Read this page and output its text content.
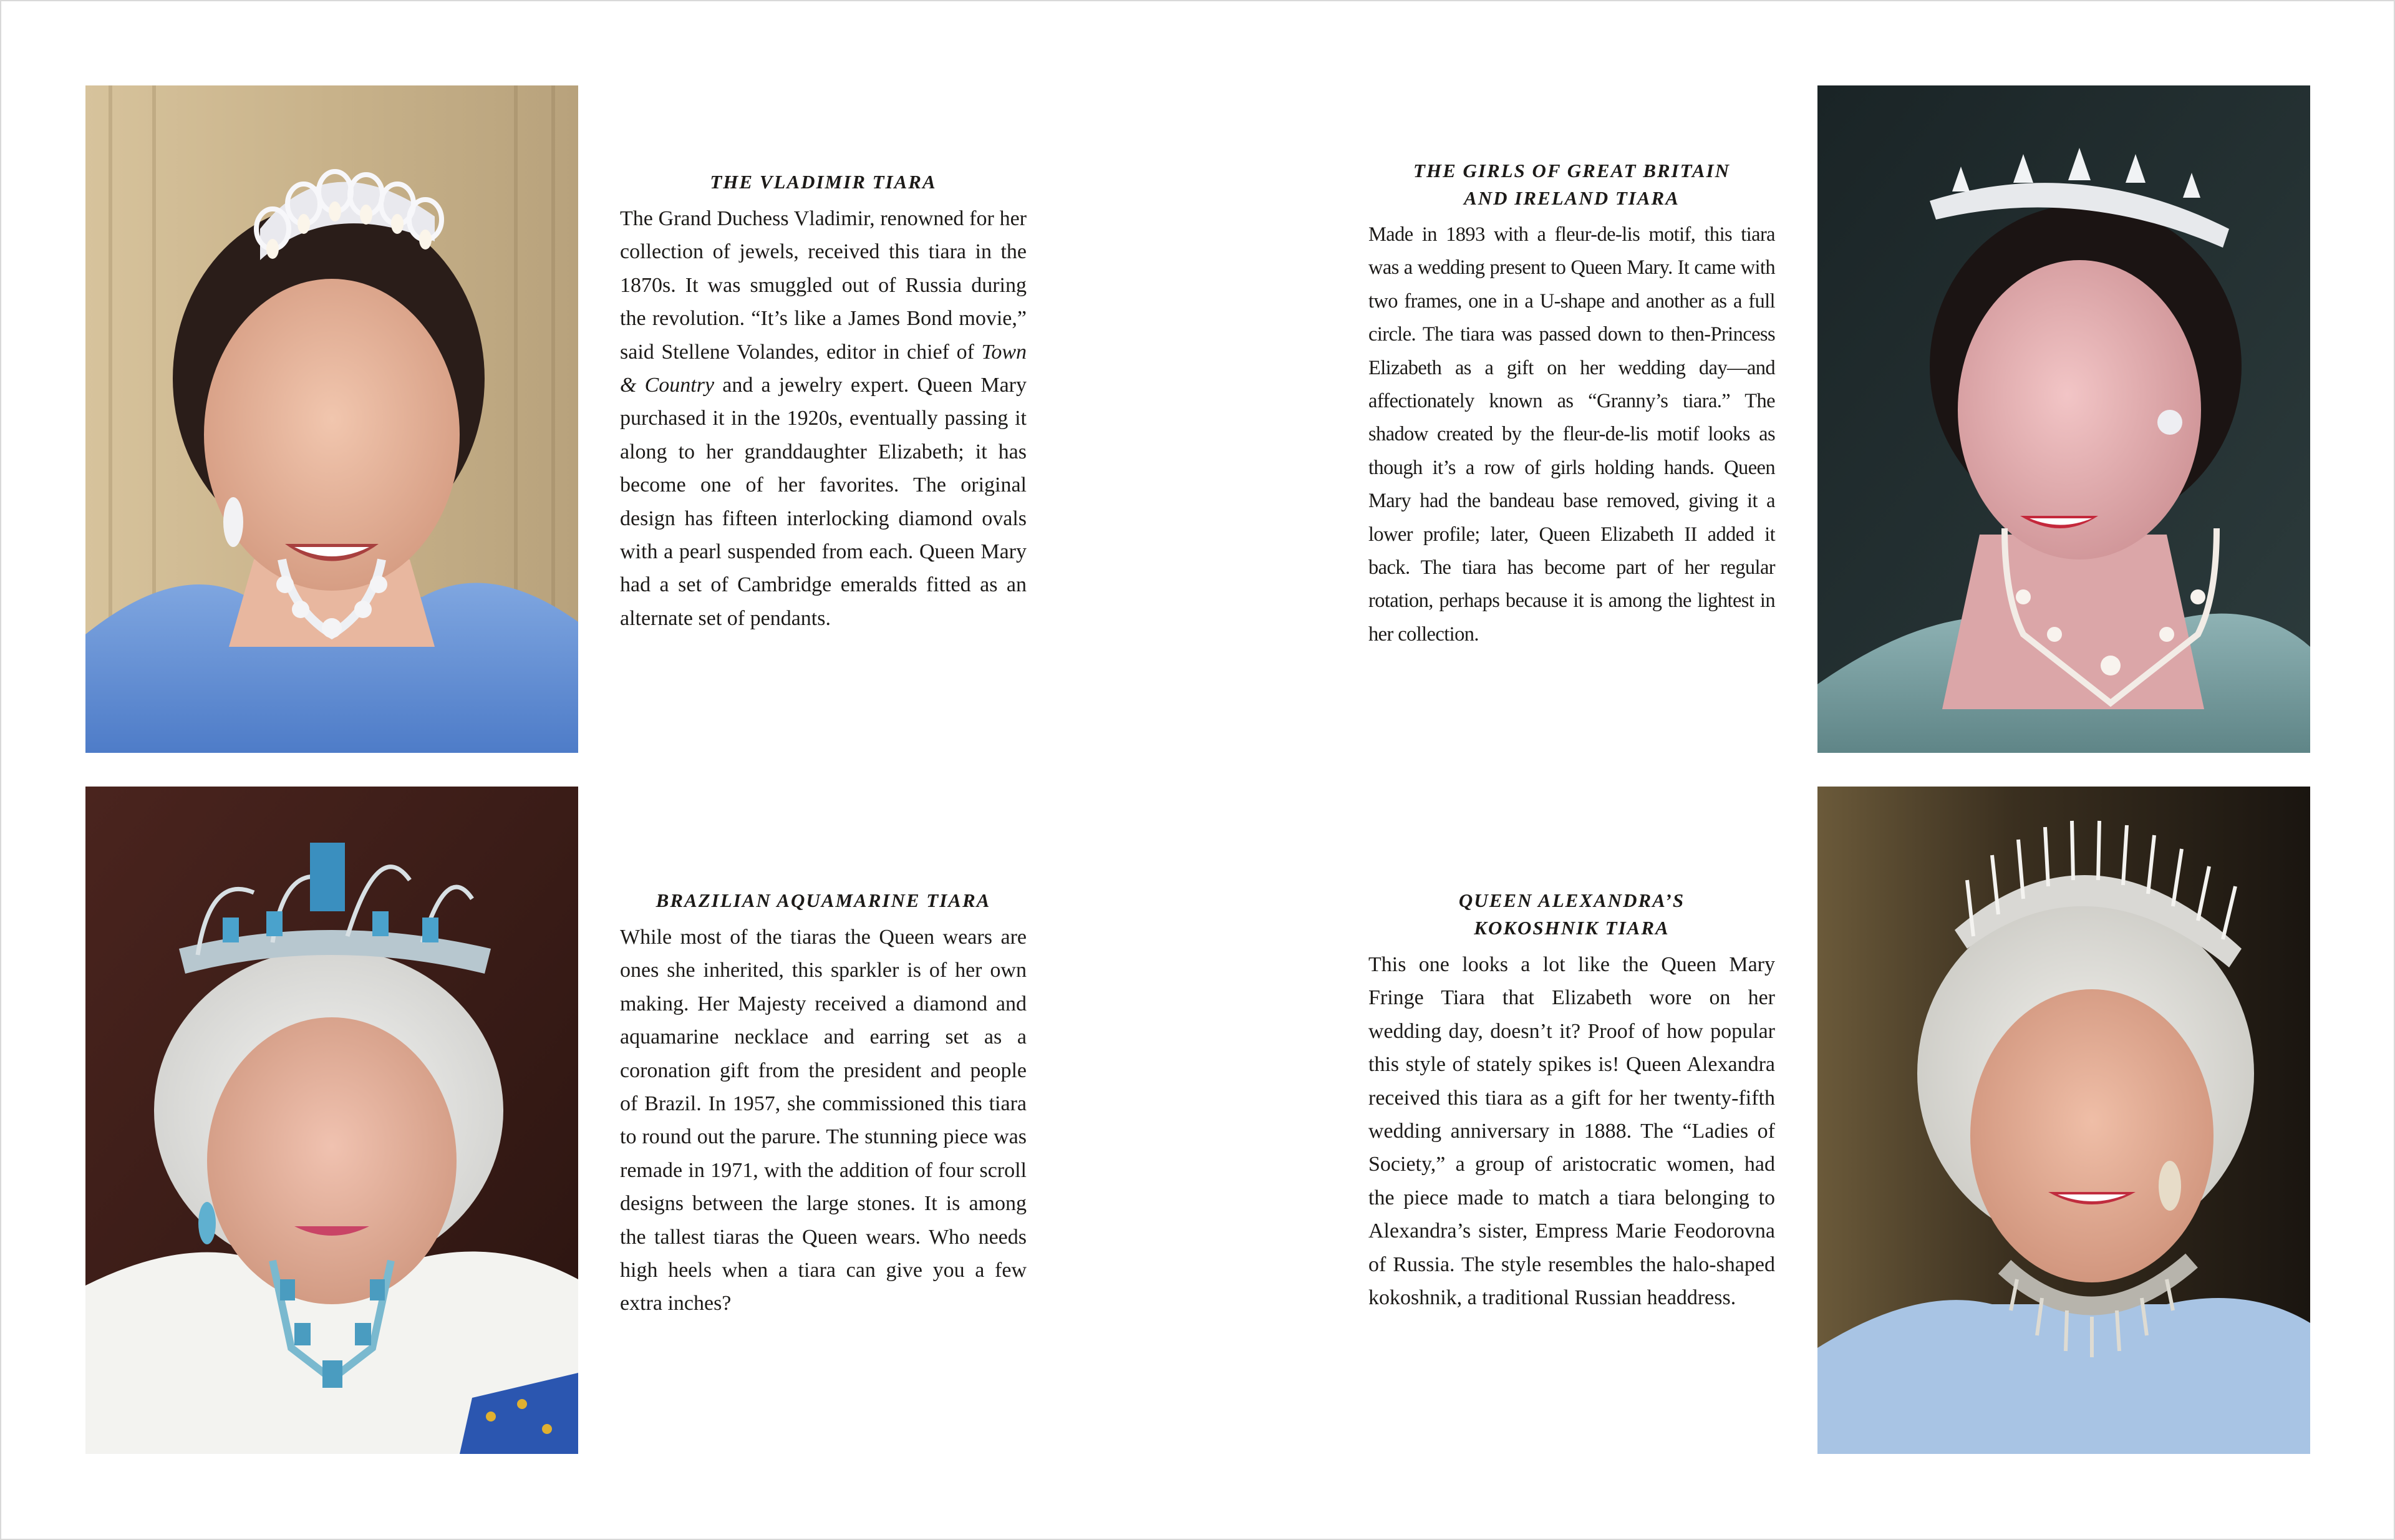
THE VLADIMIR TIARA

The Grand Duchess Vladimir, renowned for her collection of jewels, received this tiara in the 1870s. It was smuggled out of Russia during the revolution. “It’s like a James Bond movie,” said Stellene Volandes, editor in chief of Town & Country and a jewelry expert. Queen Mary purchased it in the 1920s, eventually passing it along to her granddaughter Elizabeth; it has become one of her favorites. The original design has fifteen interlocking diamond ovals with a pearl suspended from each. Queen Mary had a set of Cambridge emeralds fitted as an alternate set of pendants.

THE GIRLS OF GREAT BRITAIN
AND IRELAND TIARA

Made in 1893 with a fleur-de-lis motif, this tiara was a wedding present to Queen Mary. It came with two frames, one in a U-shape and another as a full circle. The tiara was passed down to then-Princess Elizabeth as a gift on her wedding day—and affectionately known as “Granny’s tiara.” The shadow created by the fleur-de-lis motif looks as though it’s a row of girls holding hands. Queen Mary had the bandeau base removed, giving it a lower profile; later, Queen Elizabeth II added it back. The tiara has become part of her regular rotation, perhaps because it is among the lightest in her collection.

BRAZILIAN AQUAMARINE TIARA

While most of the tiaras the Queen wears are ones she inherited, this sparkler is of her own making. Her Majesty received a diamond and aquamarine necklace and earring set as a coronation gift from the president and people of Brazil. In 1957, she commissioned this tiara to round out the parure. The stunning piece was remade in 1971, with the addition of four scroll designs between the large stones. It is among the tallest tiaras the Queen wears. Who needs high heels when a tiara can give you a few extra inches?

QUEEN ALEXANDRA’S
KOKOSHNIK TIARA

This one looks a lot like the Queen Mary Fringe Tiara that Elizabeth wore on her wedding day, doesn’t it? Proof of how popular this style of stately spikes is! Queen Alexandra received this tiara as a gift for her twenty-fifth wedding anniversary in 1888. The “Ladies of Society,” a group of aristocratic women, had the piece made to match a tiara belonging to Alexandra’s sister, Empress Marie Feodorovna of Russia. The style resembles the halo-shaped kokoshnik, a traditional Russian headdress.
